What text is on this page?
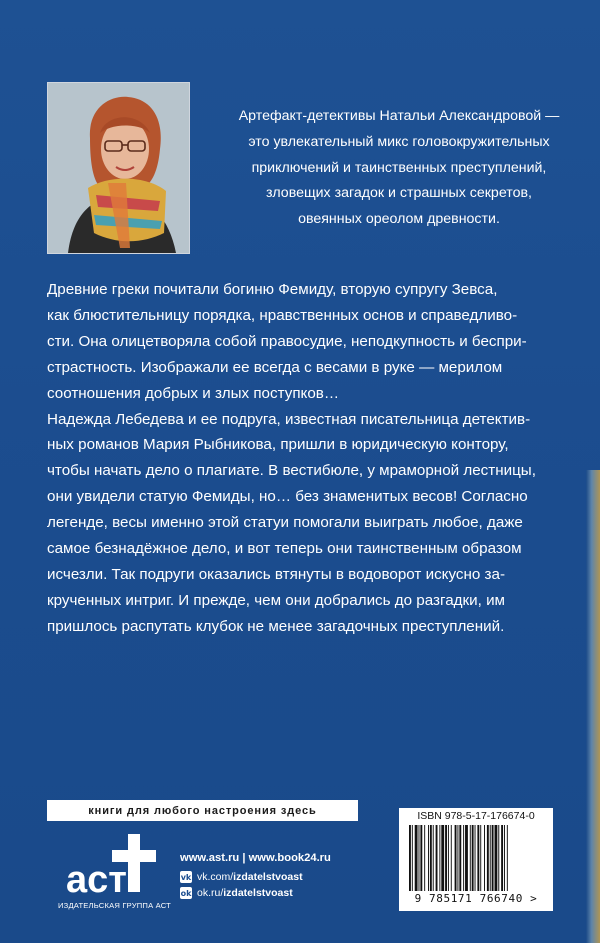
Артефакт-детективы Натальи Александровой —

это увлекательный микс головокружительных

приключений и таинственных преступлений,

зловещих загадок и страшных секретов,

овеянных ореолом древности.

Древние греки почитали богиню Фемиду, вторую супругу Зевса,

как блюстительницу порядка, нравственных основ и справедливо-

сти. Она олицетворяла собой правосудие, неподкупность и беспри-

страстность. Изображали ее всегда с весами в руке — мерилом

соотношения добрых и злых поступков…

Надежда Лебедева и ее подруга, известная писательница детектив-

ных романов Мария Рыбникова, пришли в юридическую контору,

чтобы начать дело о плагиате. В вестибюле, у мраморной лестницы,

они увидели статую Фемиды, но… без знаменитых весов! Согласно

легенде, весы именно этой статуи помогали выиграть любое, даже

самое безнадёжное дело, и вот теперь они таинственным образом

исчезли. Так подруги оказались втянуты в водоворот искусно за-

крученных интриг. И прежде, чем они добрались до разгадки, им

пришлось распутать клубок не менее загадочных преступлений.

книги для любого настроения здесь
аст
ИЗДАТЕЛЬСКАЯ ГРУППА АСТ
www.ast.ru | www.book24.ru
vk vk.com/izdatelstvoast
ok ok.ru/izdatelstvoast
ISBN 978-5-17-176674-0
9 785171 766740 >
